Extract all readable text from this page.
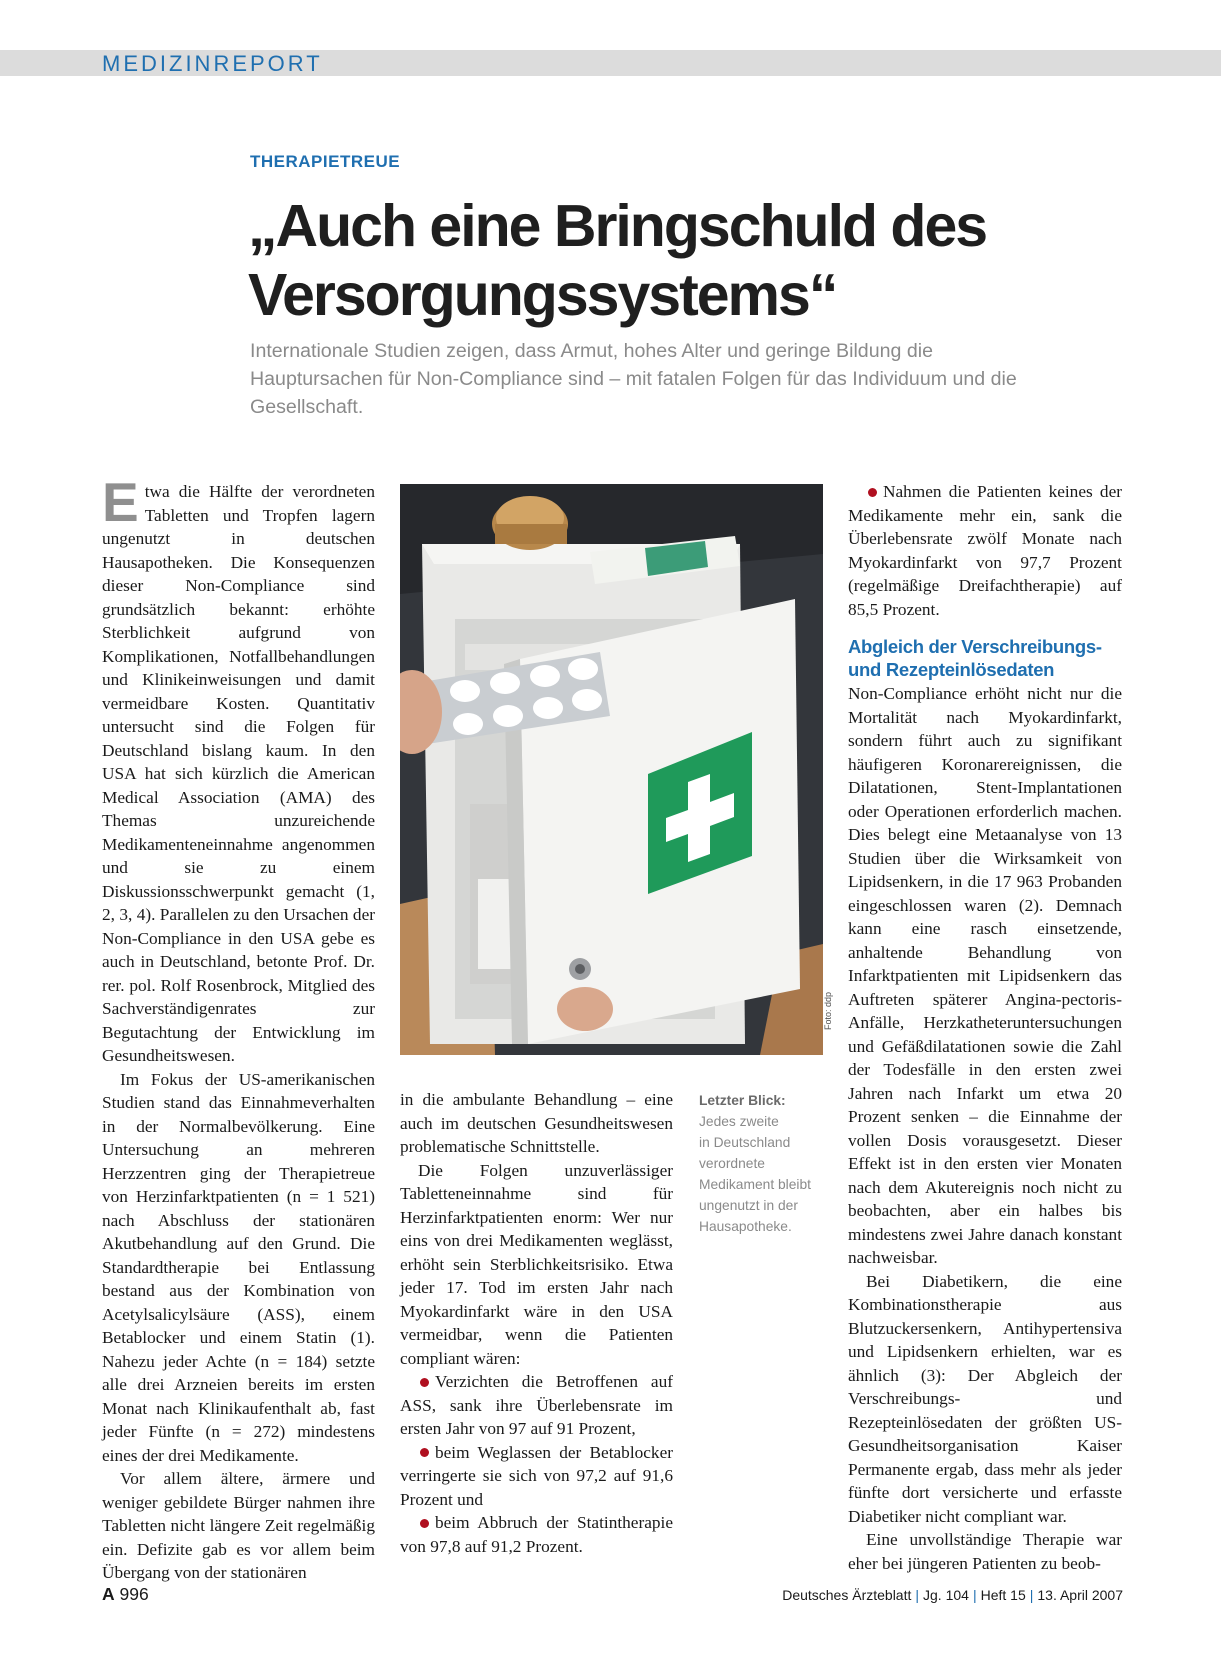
MEDIZINREPORT
THERAPIETREUE
„Auch eine Bringschuld des
Versorgungssystems“

Internationale Studien zeigen, dass Armut, hohes Alter und geringe Bildung die Hauptursachen für Non-Compliance sind – mit fatalen Folgen für das Individuum und die Gesellschaft.

Etwa die Hälfte der verordneten Tabletten und Tropfen lagern ungenutzt in deutschen Hausapotheken. Die Konsequenzen dieser Non-Compliance sind grundsätzlich bekannt: erhöhte Sterblichkeit aufgrund von Komplikationen, Notfallbehandlungen und Klinikeinweisungen und damit vermeidbare Kosten. Quantitativ untersucht sind die Folgen für Deutschland bislang kaum. In den USA hat sich kürzlich die American Medical Association (AMA) des Themas unzureichende Medikamenteneinnahme angenommen und sie zu einem Diskussionsschwerpunkt gemacht (1, 2, 3, 4). Parallelen zu den Ursachen der Non-Compliance in den USA gebe es auch in Deutschland, betonte Prof. Dr. rer. pol. Rolf Rosenbrock, Mitglied des Sachverständigenrates zur Begutachtung der Entwicklung im Gesundheitswesen.

Im Fokus der US-amerikanischen Studien stand das Einnahmeverhalten in der Normalbevölkerung. Eine Untersuchung an mehreren Herzzentren ging der Therapietreue von Herzinfarktpatienten (n = 1 521) nach Abschluss der stationären Akutbehandlung auf den Grund. Die Standardtherapie bei Entlassung bestand aus der Kombination von Acetylsalicylsäure (ASS), einem Betablocker und einem Statin (1). Nahezu jeder Achte (n = 184) setzte alle drei Arzneien bereits im ersten Monat nach Klinikaufenthalt ab, fast jeder Fünfte (n = 272) mindestens eines der drei Medikamente.

Vor allem ältere, ärmere und weniger gebildete Bürger nahmen ihre Tabletten nicht längere Zeit regelmäßig ein. Defizite gab es vor allem beim Übergang von der stationären

Foto: ddp
Letzter Blick:
Jedes zweite
in Deutschland
verordnete
Medikament bleibt
ungenutzt in der
Hausapotheke.

in die ambulante Behandlung – eine auch im deutschen Gesundheitswesen problematische Schnittstelle.

Die Folgen unzuverlässiger Tabletteneinnahme sind für Herzinfarktpatienten enorm: Wer nur eins von drei Medikamenten weglässt, erhöht sein Sterblichkeitsrisiko. Etwa jeder 17. Tod im ersten Jahr nach Myokardinfarkt wäre in den USA vermeidbar, wenn die Patienten compliant wären:

Verzichten die Betroffenen auf ASS, sank ihre Überlebensrate im ersten Jahr von 97 auf 91 Prozent,

beim Weglassen der Betablocker verringerte sie sich von 97,2 auf 91,6 Prozent und

beim Abbruch der Statintherapie von 97,8 auf 91,2 Prozent.

Nahmen die Patienten keines der Medikamente mehr ein, sank die Überlebensrate zwölf Monate nach Myokardinfarkt von 97,7 Prozent (regelmäßige Dreifachtherapie) auf 85,5 Prozent.

Abgleich der Verschreibungs- und Rezepteinlösedaten

Non-Compliance erhöht nicht nur die Mortalität nach Myokardinfarkt, sondern führt auch zu signifikant häufigeren Koronarereignissen, die Dilatationen, Stent-Implantationen oder Operationen erforderlich machen. Dies belegt eine Metaanalyse von 13 Studien über die Wirksamkeit von Lipidsenkern, in die 17 963 Probanden eingeschlossen waren (2). Demnach kann eine rasch einsetzende, anhaltende Behandlung von Infarktpatienten mit Lipidsenkern das Auftreten späterer Angina-pectoris-Anfälle, Herzkatheteruntersuchungen und Gefäßdilatationen sowie die Zahl der Todesfälle in den ersten zwei Jahren nach Infarkt um etwa 20 Prozent senken – die Einnahme der vollen Dosis vorausgesetzt. Dieser Effekt ist in den ersten vier Monaten nach dem Akutereignis noch nicht zu beobachten, aber ein halbes bis mindestens zwei Jahre danach konstant nachweisbar.

Bei Diabetikern, die eine Kombinationstherapie aus Blutzuckersenkern, Antihypertensiva und Lipidsenkern erhielten, war es ähnlich (3): Der Abgleich der Verschreibungs- und Rezepteinlösedaten der größten US-Gesundheitsorganisation Kaiser Permanente ergab, dass mehr als jeder fünfte dort versicherte und erfasste Diabetiker nicht compliant war.

Eine unvollständige Therapie war eher bei jüngeren Patienten zu beob-

A 996	Deutsches Ärzteblatt | Jg. 104 | Heft 15 | 13. April 2007
